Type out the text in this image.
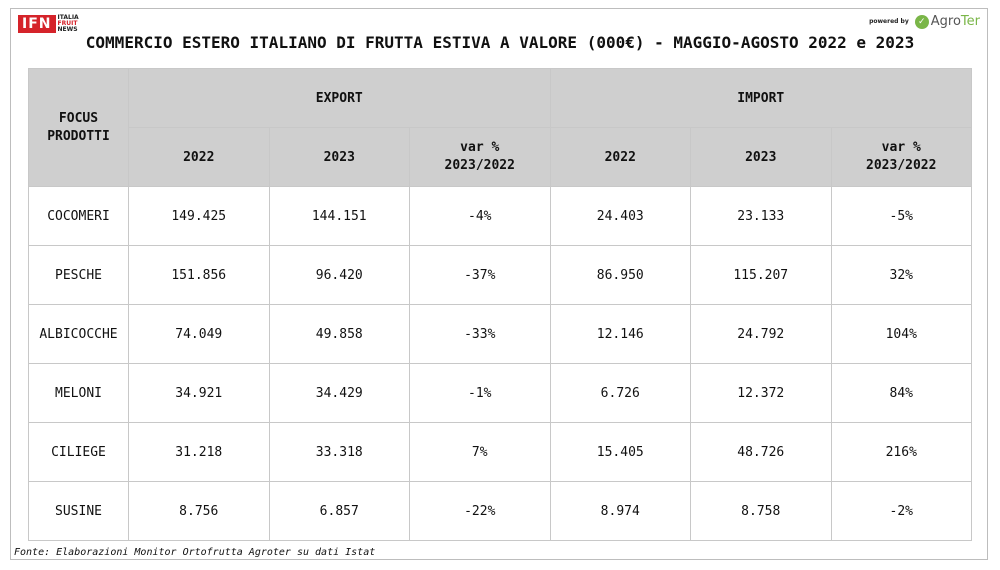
IFN	ITALIA
FRUIT
NEWS
powered by	✓ AgroTer
COMMERCIO ESTERO ITALIANO DI FRUTTA ESTIVA A VALORE (000€) - MAGGIO-AGOSTO 2022 e 2023
FOCUS PRODOTTI	EXPORT			IMPORT		
	2022	2023	var % 2023/2022	2022	2023	var % 2023/2022
COCOMERI	149.425	144.151	-4%	24.403	23.133	-5%
PESCHE	151.856	96.420	-37%	86.950	115.207	32%
ALBICOCCHE	74.049	49.858	-33%	12.146	24.792	104%
MELONI	34.921	34.429	-1%	6.726	12.372	84%
CILIEGE	31.218	33.318	7%	15.405	48.726	216%
SUSINE	8.756	6.857	-22%	8.974	8.758	-2%
Fonte: Elaborazioni Monitor Ortofrutta Agroter su dati Istat
